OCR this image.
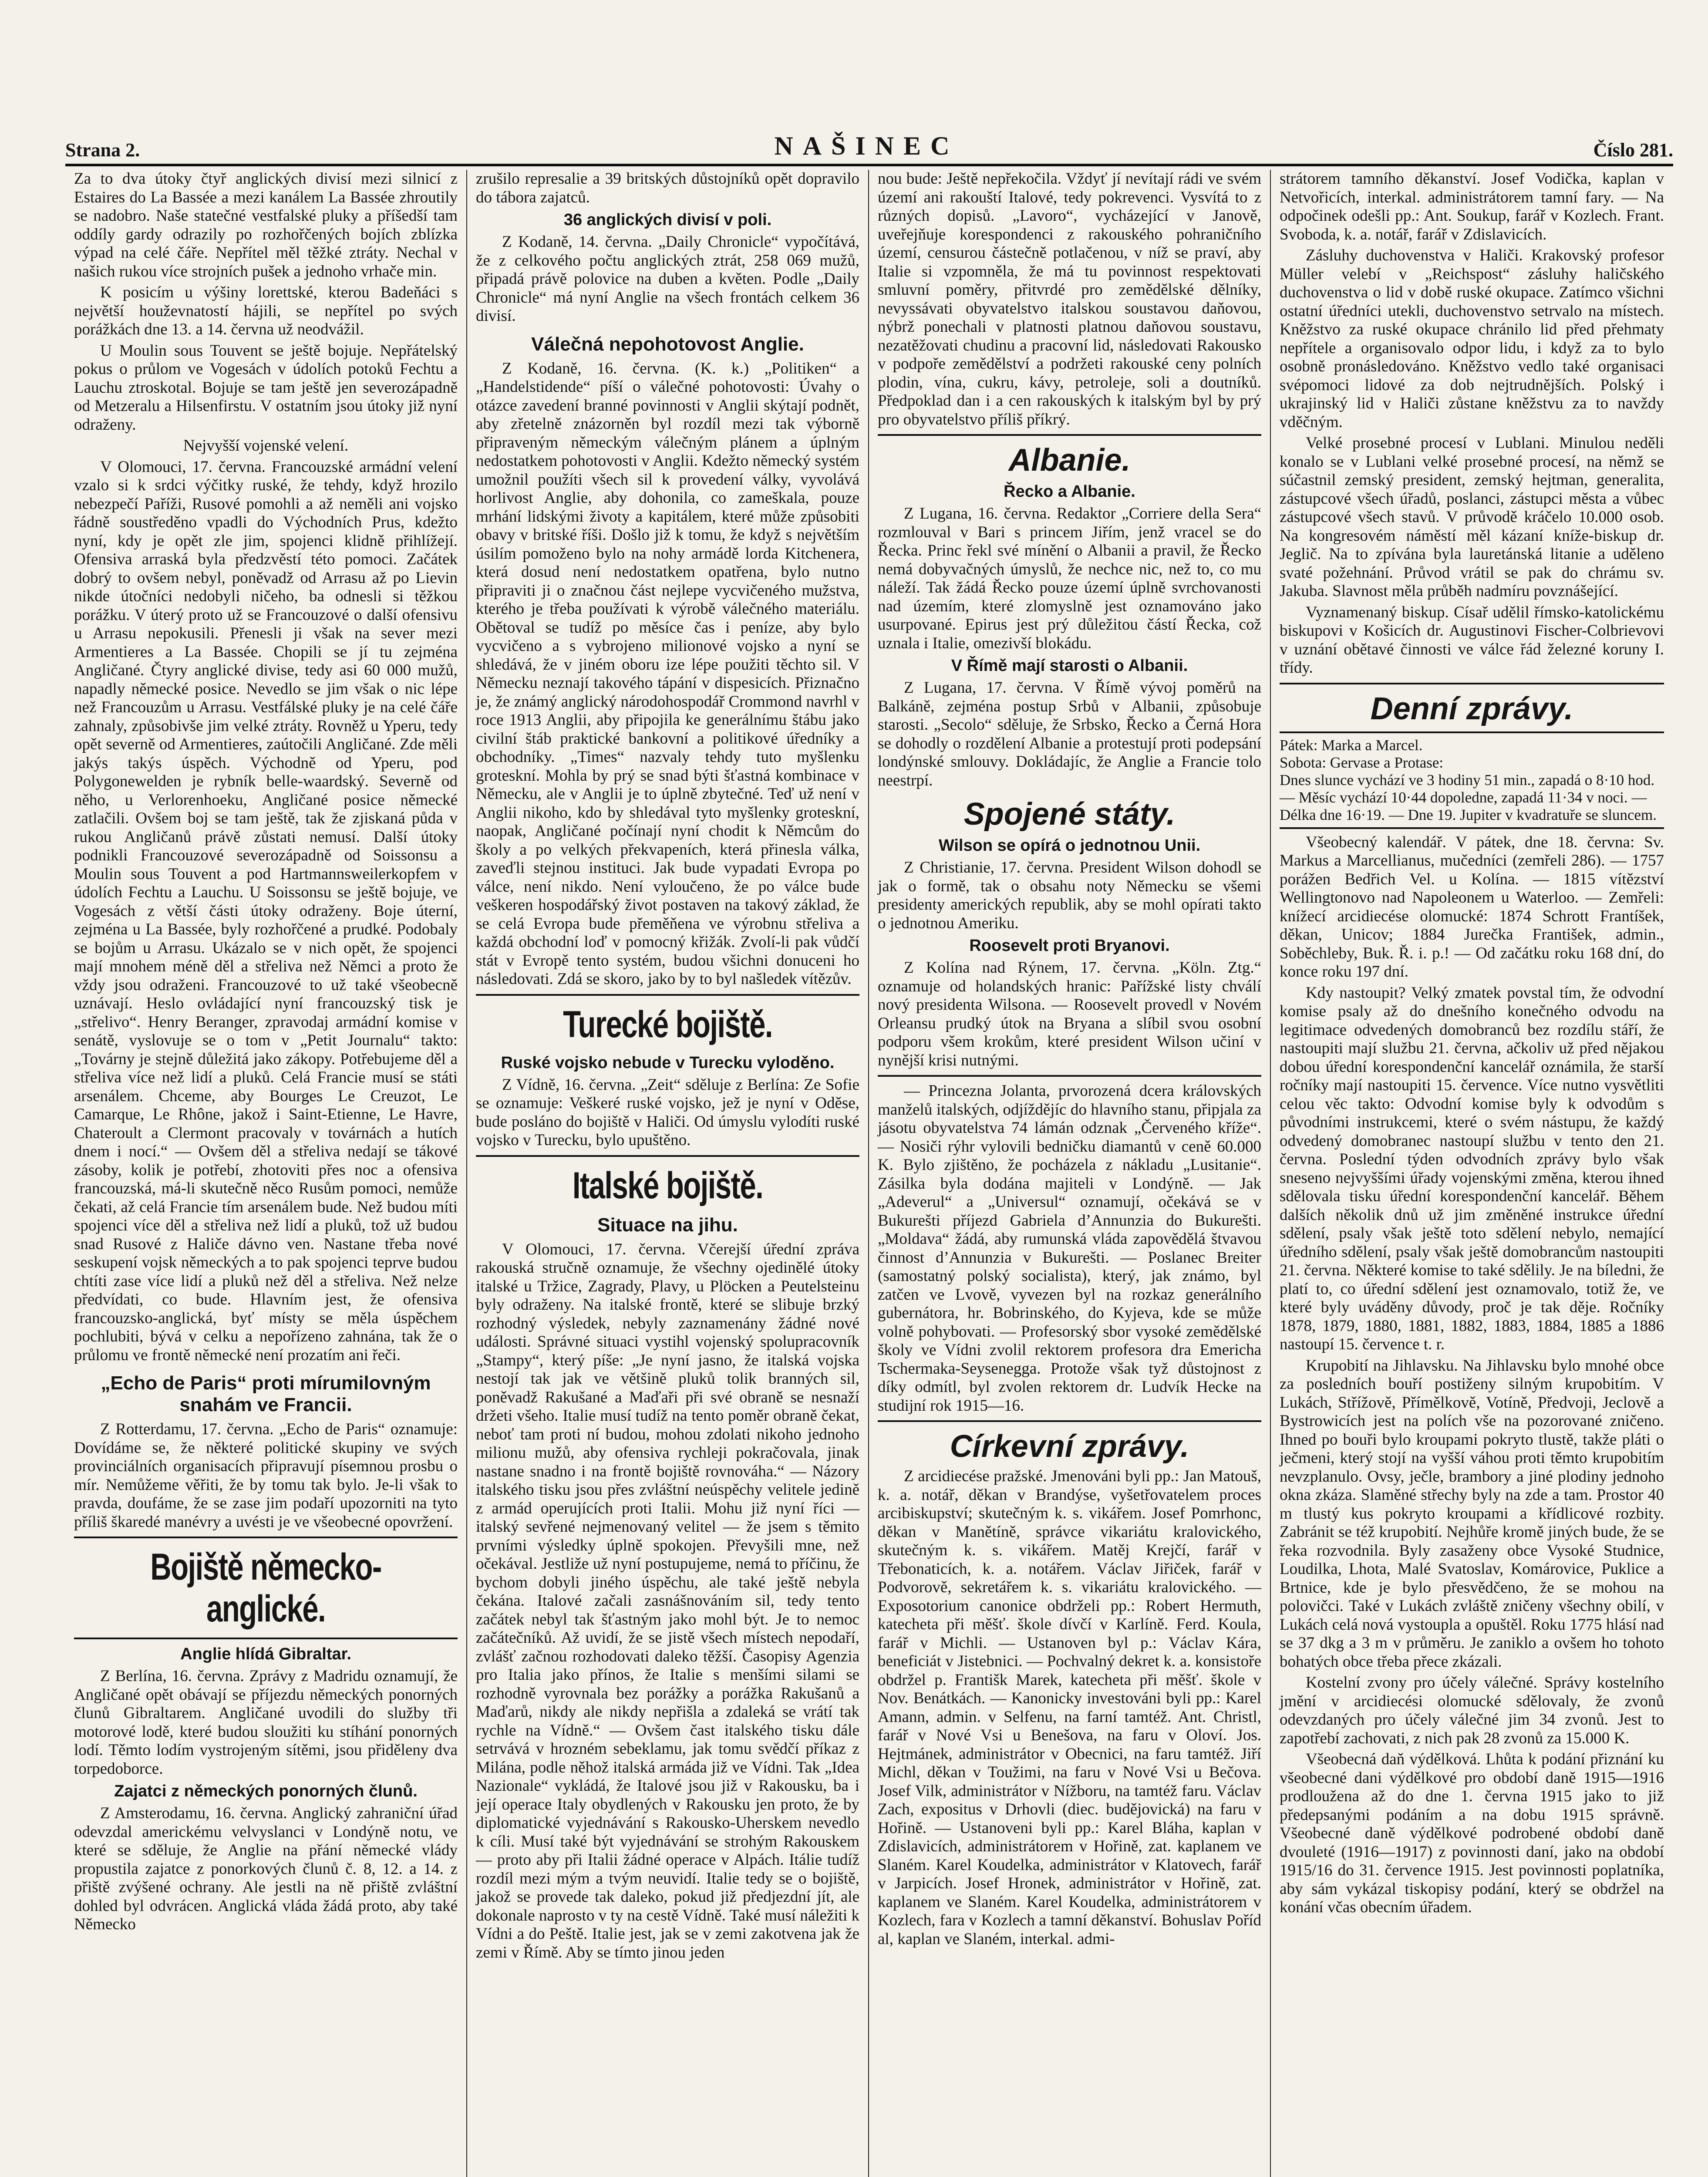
Strana 2.	NAŠINEC	Číslo 281.

Za to dva útoky čtyř anglických divisí mezi silnicí z Estaires do La Bassée a mezi kanálem La Bassée zhroutily se nadobro. Naše statečné vestfalské pluky a příšedší tam oddíly gardy odrazily po rozhořčených bojích zblízka výpad na celé čáře. Nepřítel měl těžké ztráty. Nechal v našich rukou více strojních pušek a jednoho vrhače min.

K posicím u výšiny lorettské, kterou Badeňáci s největší houževnatostí hájili, se nepřítel po svých porážkách dne 13. a 14. června už neodvážil.

U Moulin sous Touvent se ještě bojuje. Nepřátelský pokus o průlom ve Vogesách v údolích potoků Fechtu a Lauchu ztroskotal. Bojuje se tam ještě jen severozápadně od Metzeralu a Hilsenfirstu. V ostatním jsou útoky již nyní odraženy.

Nejvyšší vojenské velení.

V Olomouci, 17. června. Francouzské armádní velení vzalo si k srdci výčitky ruské, že tehdy, když hrozilo nebezpečí Paříži, Rusové pomohli a až neměli ani vojsko řádně soustředěno vpadli do Východních Prus, kdežto nyní, kdy je opět zle jim, spojenci klidně přihlížejí. Ofensiva arraská byla předzvěstí této pomoci. Začátek dobrý to ovšem nebyl, poněvadž od Arrasu až po Lievin nikde útočníci nedobyli ničeho, ba odnesli si těžkou porážku. V úterý proto už se Francouzové o další ofensivu u Arrasu nepokusili. Přenesli ji však na sever mezi Armentieres a La Bassée. Chopili se jí tu zejména Angličané. Čtyry anglické divise, tedy asi 60 000 mužů, napadly německé posice. Nevedlo se jim však o nic lépe než Francouzům u Arrasu. Vestfálské pluky je na celé čáře zahnaly, způsobivše jim velké ztráty. Rovněž u Yperu, tedy opět severně od Armentieres, zaútočili Angličané. Zde měli jakýs takýs úspěch. Východně od Yperu, pod Polygonewelden je rybník belle-waardský. Severně od něho, u Verlorenhoeku, Angličané posice německé zatlačili. Ovšem boj se tam ještě, tak že zjiskaná půda v rukou Angličanů právě zůstati nemusí. Další útoky podnikli Francouzové severozápadně od Soissonsu a Moulin sous Touvent a pod Hartmannsweilerkopfem v údolích Fechtu a Lauchu. U Soissonsu se ještě bojuje, ve Vogesách z větší části útoky odraženy. Boje úterní, zejména u La Bassée, byly rozhořčené a prudké. Podobaly se bojům u Arrasu. Ukázalo se v nich opět, že spojenci mají mnohem méně děl a střeliva než Němci a proto že vždy jsou odraženi. Francouzové to už také všeobecně uznávají. Heslo ovládající nyní francouzský tisk je „střelivo“. Henry Beranger, zpravodaj armádní komise v senátě, vyslovuje se o tom v „Petit Journalu“ takto: „Továrny je stejně důležitá jako zákopy. Potřebujeme děl a střeliva více než lidí a pluků. Celá Francie musí se státi arsenálem. Chceme, aby Bourges Le Creuzot, Le Camarque, Le Rhône, jakož i Saint-Etienne, Le Havre, Chateroult a Clermont pracovaly v továrnách a hutích dnem i nocí.“ — Ovšem děl a střeliva nedají se tákové zásoby, kolik je potřebí, zhotoviti přes noc a ofensiva francouzská, má-li skutečně něco Rusům pomoci, nemůže čekati, až celá Francie tím arsenálem bude. Než budou míti spojenci více děl a střeliva než lidí a pluků, tož už budou snad Rusové z Haliče dávno ven. Nastane třeba nové seskupení vojsk německých a to pak spojenci teprve budou chtíti zase více lidí a pluků než děl a střeliva. Než nelze předvídati, co bude. Hlavním jest, že ofensiva francouzsko-anglická, byť místy se měla úspěchem pochlubiti, bývá v celku a nepořízeno zahnána, tak že o průlomu ve frontě německé není prozatím ani řeči.

„Echo de Paris“ proti mírumilovným snahám ve Francii.

Z Rotterdamu, 17. června. „Echo de Paris“ oznamuje: Dovídáme se, že některé politické skupiny ve svých provinciálních organisacích připravují písemnou prosbu o mír. Nemůžeme věřiti, že by tomu tak bylo. Je-li však to pravda, doufáme, že se zase jim podaří upozorniti na tyto příliš škaredé manévry a uvésti je ve všeobecné opovržení.

Bojiště německo-anglické.
Anglie hlídá Gibraltar.

Z Berlína, 16. června. Zprávy z Madridu oznamují, že Angličané opět obávají se příjezdu německých ponorných člunů Gibraltarem. Angličané uvodili do služby tři motorové lodě, které budou sloužiti ku stíhání ponorných lodí. Těmto lodím vystrojeným sítěmi, jsou přiděleny dva torpedoborce.

Zajatci z německých ponorných člunů.

Z Amsterodamu, 16. června. Anglický zahraniční úřad odevzdal americkému velvyslanci v Londýně notu, ve které se sděluje, že Anglie na přání německé vlády propustila zajatce z ponorkových člunů č. 8, 12. a 14. z přiště zvýšené ochrany. Ale jestli na ně přiště zvláštní dohled byl odvrácen. Anglická vláda žádá proto, aby také Německo

zrušilo represalie a 39 britských důstojníků opět dopravilo do tábora zajatců.

36 anglických divisí v poli.

Z Kodaně, 14. června. „Daily Chronicle“ vypočítává, že z celkového počtu anglických ztrát, 258 069 mužů, připadá právě polovice na duben a květen. Podle „Daily Chronicle“ má nyní Anglie na všech frontách celkem 36 divisí.

Válečná nepohotovost Anglie.

Z Kodaně, 16. června. (K. k.) „Politiken“ a „Handelstidende“ píší o válečné pohotovosti: Úvahy o otázce zavedení branné povinnosti v Anglii skýtají podnět, aby zřetelně znázorněn byl rozdíl mezi tak výborně připraveným německým válečným plánem a úplným nedostatkem pohotovosti v Anglii. Kdežto německý systém umožnil použíti všech sil k provedení války, vyvolává horlivost Anglie, aby dohonila, co zameškala, pouze mrhání lidskými životy a kapitálem, které může způsobiti obavy v britské říši. Došlo již k tomu, že když s největším úsilím pomoženo bylo na nohy armádě lorda Kitchenera, která dosud není nedostatkem opatřena, bylo nutno připraviti ji o značnou část nejlepe vycvičeného mužstva, kterého je třeba používati k výrobě válečného materiálu. Obětoval se tudíž po měsíce čas i peníze, aby bylo vycvičeno a s vybrojeno milionové vojsko a nyní se shledává, že v jiném oboru ize lépe použiti těchto sil. V Německu neznají takového tápání v dispesicích. Přiznačno je, že známý anglický národohospodář Crommond navrhl v roce 1913 Anglii, aby připojila ke generálnímu štábu jako civilní štáb praktické bankovní a politikové úředníky a obchodníky. „Times“ nazvaly tehdy tuto myšlenku groteskní. Mohla by prý se snad býti šťastná kombinace v Německu, ale v Anglii je to úplně zbytečné. Teď už není v Anglii nikoho, kdo by shledával tyto myšlenky groteskní, naopak, Angličané počínají nyní chodit k Němcům do školy a po velkých překvapeních, která přinesla válka, zaveďli stejnou instituci. Jak bude vypadati Evropa po válce, není nikdo. Není vyloučeno, že po válce bude veškeren hospodářský život postaven na takový základ, že se celá Evropa bude přeměňena ve výrobnu střeliva a každá obchodní loď v pomocný křižák. Zvolí-li pak vůdčí stát v Evropě tento systém, budou všichni donuceni ho následovati. Zdá se skoro, jako by to byl našledek vítězův.

Turecké bojiště.
Ruské vojsko nebude v Turecku vyloděno.

Z Vídně, 16. června. „Zeit“ sděluje z Berlína: Ze Sofie se oznamuje: Veškeré ruské vojsko, jež je nyní v Oděse, bude posláno do bojiště v Haliči. Od úmyslu vylodíti ruské vojsko v Turecku, bylo upuštěno.

Italské bojiště.
Situace na jihu.

V Olomouci, 17. června. Včerejší úřední zpráva rakouská stručně oznamuje, že všechny ojedinělé útoky italské u Tržice, Zagrady, Plavy, u Plöcken a Peutelsteinu byly odraženy. Na italské frontě, které se slibuje brzký rozhodný výsledek, nebyly zaznamenány žádné nové události. Správné situaci vystihl vojenský spolupracovník „Stampy“, který píše: „Je nyní jasno, že italská vojska nestojí tak jak ve většině pluků tolik branných sil, poněvadž Rakušané a Maďaři při své obraně se nesnaží držeti všeho. Italie musí tudíž na tento poměr obraně čekat, neboť tam proti ní budou, mohou zdolati nikoho jednoho milionu mužů, aby ofensiva rychleji pokračovala, jinak nastane snadno i na frontě bojiště rovnováha.“ — Názory italského tisku jsou přes zvláštní neúspěchy velitele jedině z armád operujících proti Italii. Mohu již nyní říci — italský sevřené nejmenovaný velitel — že jsem s těmito prvními výsledky úplně spokojen. Převyšili mne, než očekával. Jestliže už nyní postupujeme, nemá to příčinu, že bychom dobyli jiného úspěchu, ale také ještě nebyla čekána. Italové začali zasnášnováním sil, tedy tento začátek nebyl tak šťastným jako mohl být. Je to nemoc začátečníků. Až uvidí, že se jistě všech místech nepodaří, zvlášť začnou rozhodovati daleko těžší. Časopisy Agenzia pro Italia jako přínos, že Italie s menšími silami se rozhodně vyrovnala bez porážky a porážka Rakušanů a Maďarů, nikdy ale nikdy nepřišla a zdaleká se vrátí tak rychle na Vídně.“ — Ovšem čast italského tisku dále setrvává v hrozném sebeklamu, jak tomu svědčí příkaz z Milána, podle něhož italská armáda již ve Vídni. Tak „Idea Nazionale“ vykládá, že Italové jsou již v Rakousku, ba i její operace Italy obydlených v Rakousku jen proto, že by diplomatické vyjednávání s Rakousko-Uherskem nevedlo k cíli. Musí také být vyjednávání se strohým Rakouskem — proto aby při Italii žádné operace v Alpách. Itálie tudíž rozdíl mezi mým a tvým neuvidí. Italie tedy se o bojiště, jakož se provede tak daleko, pokud již předjezdní jít, ale dokonale naprosto v ty na cestě Vídně. Také musí náležiti k Vídni a do Peště. Italie jest, jak se v zemi zakotvena jak že zemi v Římě. Aby se tímto jinou jeden

nou bude: Ještě nepřekočila. Vždyť jí nevítají rádi ve svém území ani rakouští Italové, tedy pokrevenci. Vysvítá to z různých dopisů. „Lavoro“, vycházející v Janově, uveřejňuje korespondenci z rakouského pohraničního území, censurou částečně potlačenou, v níž se praví, aby Italie si vzpomněla, že má tu povinnost respektovati smluvní poměry, přitvrdé pro zemědělské dělníky, nevyssávati obyvatelstvo italskou soustavou daňovou, nýbrž ponechali v platnosti platnou daňovou soustavu, nezatěžovati chudinu a pracovní lid, následovati Rakousko v podpoře zemědělství a podržeti rakouské ceny polních plodin, vína, cukru, kávy, petroleje, soli a doutníků. Předpoklad dan i a cen rakouských k italským byl by prý pro obyvatelstvo příliš příkrý.

Albanie.
Řecko a Albanie.

Z Lugana, 16. června. Redaktor „Corriere della Sera“ rozmlouval v Bari s princem Jiřím, jenž vracel se do Řecka. Princ řekl své mínění o Albanii a pravil, že Řecko nemá dobyvačných úmyslů, že nechce nic, než to, co mu náleží. Tak žádá Řecko pouze území úplně svrchovanosti nad územím, které zlomyslně jest oznamováno jako usurpované. Epirus jest prý důležitou částí Řecka, což uznala i Italie, omezivší blokádu.

V Římě mají starosti o Albanii.

Z Lugana, 17. června. V Římě vývoj poměrů na Balkáně, zejména postup Srbů v Albanii, způsobuje starosti. „Secolo“ sděluje, že Srbsko, Řecko a Černá Hora se dohodly o rozdělení Albanie a protestují proti podepsání londýnské smlouvy. Dokládajíc, že Anglie a Francie tolo neestrpí.

Spojené státy.
Wilson se opírá o jednotnou Unii.

Z Christianie, 17. června. President Wilson dohodl se jak o formě, tak o obsahu noty Německu se všemi presidenty amerických republik, aby se mohl opírati takto o jednotnou Ameriku.

Roosevelt proti Bryanovi.

Z Kolína nad Rýnem, 17. června. „Köln. Ztg.“ oznamuje od holandských hranic: Pařížské listy chválí nový presidenta Wilsona. — Roosevelt provedl v Novém Orleansu prudký útok na Bryana a slíbil svou osobní podporu všem krokům, které president Wilson učiní v nynější krisi nutnými.

— Princezna Jolanta, prvorozená dcera královských manželů italských, odjíždějíc do hlavního stanu, připjala za jásotu obyvatelstva 74 lámán odznak „Červeného kříže“. — Nosiči rýhr vylovili bedničku diamantů v ceně 60.000 K. Bylo zjištěno, že pocházela z nákladu „Lusitanie“. Zásilka byla dodána majiteli v Londýně. — Jak „Adeverul“ a „Universul“ oznamují, očekává se v Bukurešti příjezd Gabriela d’Annunzia do Bukurešti. „Moldava“ žádá, aby rumunská vláda zapovědělá štvavou činnost d’Annunzia v Bukurešti. — Poslanec Breiter (samostatný polský socialista), který, jak známo, byl zatčen ve Lvově, vyvezen byl na rozkaz generálního gubernátora, hr. Bobrinského, do Kyjeva, kde se může volně pohybovati. — Profesorský sbor vysoké zemědělské školy ve Vídni zvolil rektorem profesora dra Emericha Tschermaka-Seysenegga. Protože však tyž důstojnost z díky odmítl, byl zvolen rektorem dr. Ludvík Hecke na studijní rok 1915—16.

Církevní zprávy.

Z arcidiecése pražské. Jmenováni byli pp.: Jan Matouš, k. a. notář, děkan v Brandýse, vyšetřovatelem proces arcibiskupství; skutečným k. s. vikářem. Josef Pomrhonc, děkan v Manětíně, správce vikariátu kralovického, skutečným k. s. vikářem. Matěj Krejčí, farář v Třebonaticích, k. a. notářem. Václav Jiřiček, farář v Podvorově, sekretářem k. s. vikariátu kralovického. — Exposotorium canonice obdrželi pp.: Robert Hermuth, katecheta při měšť. škole dívčí v Karlíně. Ferd. Koula, farář v Michli. — Ustanoven byl p.: Václav Kára, beneficiát v Jistebnici. — Pochvalný dekret k. a. konsistoře obdržel p. Františk Marek, katecheta při měšť. škole v Nov. Benátkách. — Kanonicky investováni byli pp.: Karel Amann, admin. v Selfenu, na farní tamtéž. Ant. Christl, farář v Nové Vsi u Benešova, na faru v Oloví. Jos. Hejtmánek, administrátor v Obecnici, na faru tamtéž. Jiří Michl, děkan v Toužimi, na faru v Nové Vsi u Bečova. Josef Vilk, administrátor v Nížboru, na tamtéž faru. Václav Zach, expositus v Drhovli (diec. budějovická) na faru v Hořině. — Ustanoveni byli pp.: Karel Bláha, kaplan v Zdislavicích, administrátorem v Hořině, zat. kaplanem ve Slaném. Karel Koudelka, administrátor v Klatovech, farář v Jarpicích. Josef Hronek, administrátor v Hořině, zat. kaplanem ve Slaném. Karel Koudelka, administrátorem v Kozlech, fara v Kozlech a tamní děkanství. Bohuslav Poříd al, kaplan ve Slaném, interkal. admi-

strátorem tamního děkanství. Josef Vodička, kaplan v Netvořicích, interkal. administrátorem tamní fary. — Na odpočinek odešli pp.: Ant. Soukup, farář v Kozlech. Frant. Svoboda, k. a. notář, farář v Zdislavicích.

Zásluhy duchovenstva v Haliči. Krakovský profesor Müller velebí v „Reichspost“ zásluhy haličského duchovenstva o lid v době ruské okupace. Zatímco všichni ostatní úředníci utekli, duchovenstvo setrvalo na místech. Kněžstvo za ruské okupace chránilo lid před přehmaty nepřítele a organisovalo odpor lidu, i když za to bylo osobně pronásledováno. Kněžstvo vedlo také organisaci svépomoci lidové za dob nejtrudnějších. Polský i ukrajinský lid v Haliči zůstane kněžstvu za to navždy vděčným.

Velké prosebné procesí v Lublani. Minulou neděli konalo se v Lublani velké prosebné procesí, na němž se súčastnil zemský president, zemský hejtman, generalita, zástupcové všech úřadů, poslanci, zástupci města a vůbec zástupcové všech stavů. V průvodě kráčelo 10.000 osob. Na kongresovém náměstí měl kázaní kníže-biskup dr. Jeglič. Na to zpívána byla lauretánská litanie a uděleno svaté požehnání. Průvod vrátil se pak do chrámu sv. Jakuba. Slavnost měla průběh nadmíru povznášející.

Vyznamenaný biskup. Císař udělil římsko-katolickému biskupovi v Košicích dr. Augustinovi Fischer-Colbrievovi v uznání obětavé činnosti ve válce řád železné koruny I. třídy.

Denní zprávy.

Pátek: Marka a Marcel.

Sobota: Gervase a Protase:

Dnes slunce vychází ve 3 hodiny 51 min., zapadá o 8·10 hod. — Měsíc vychází 10·44 dopoledne, zapadá 11·34 v noci. — Délka dne 16·19. — Dne 19. Jupiter v kvadratuře se sluncem.

Všeobecný kalendář. V pátek, dne 18. června: Sv. Markus a Marcellianus, mučedníci (zemřeli 286). — 1757 porážen Bedřich Vel. u Kolína. — 1815 vítězství Wellingtonovo nad Napoleonem u Waterloo. — Zemřeli: knížecí arcidiecése olomucké: 1874 Schrott Frantíšek, děkan, Unicov; 1884 Jurečka František, admin., Soběchleby, Buk. Ř. i. p.! — Od začátku roku 168 dní, do konce roku 197 dní.

Kdy nastoupit? Velký zmatek povstal tím, že odvodní komise psaly až do dnešního konečného odvodu na legitimace odvedených domobranců bez rozdílu stáří, že nastoupiti mají službu 21. června, ačkoliv už před nějakou dobou úřední korespondenční kancelář oznámila, že starší ročníky mají nastoupiti 15. července. Více nutno vysvětliti celou věc takto: Odvodní komise byly k odvodům s původními instrukcemi, které o svém nástupu, že každý odvedený domobranec nastoupí službu v tento den 21. června. Poslední týden odvodních zprávy bylo však sneseno nejvyššími úřady vojenskými změna, kterou ihned sdělovala tisku úřední korespondenční kancelář. Během dalších několik dnů už jim změněné instrukce úřední sdělení, psaly však ještě toto sdělení nebylo, nemající úředního sdělení, psaly však ještě domobrancům nastoupiti 21. června. Některé komise to také sdělily. Je na bíledni, že platí to, co úřední sdělení jest oznamovalo, totiž že, ve které byly uváděny důvody, proč je tak děje. Ročníky 1878, 1879, 1880, 1881, 1882, 1883, 1884, 1885 a 1886 nastoupí 15. července t. r.

Krupobití na Jihlavsku. Na Jihlavsku bylo mnohé obce za posledních bouří postiženy silným krupobitím. V Lukách, Střížově, Přímělkově, Votíně, Předvoji, Jeclově a Bystrowicích jest na polích vše na pozorované zničeno. Ihned po bouři bylo kroupami pokryto tlustě, takže pláti o ječmeni, který stojí na vyšší váhou proti těmto krupobitím nevzplanulo. Ovsy, ječle, brambory a jiné plodiny jednoho okna zkáza. Slaměné střechy byly na zde a tam. Prostor 40 m tlustý kus pokryto kroupami a křídlicové rozbity. Zabránit se též krupobití. Nejhůře kromě jiných bude, že se řeka rozvodnila. Byly zasaženy obce Vysoké Studnice, Loudilka, Lhota, Malé Svatoslav, Komárovice, Puklice a Brtnice, kde je bylo přesvědčeno, že se mohou na polovičci. Také v Lukách zvláště zničeny všechny obilí, v Lukách celá nová vystoupla a opuštěl. Roku 1775 hlásí nad se 37 dkg a 3 m v průměru. Je zaniklo a ovšem ho tohoto bohatých obce třeba přece zkázali.

Kostelní zvony pro účely válečné. Správy kostelního jmění v arcidiecési olomucké sdělovaly, že zvonů odevzdaných pro účely válečné jim 34 zvonů. Jest to zapotřebí zachovati, z nich pak 28 zvonů za 15.000 K.

Všeobecná daň výdělková. Lhůta k podání přiznání ku všeobecné dani výdělkové pro období daně 1915—1916 prodloužena až do dne 1. června 1915 jako to již předepsanými podáním a na dobu 1915 správně. Všeobecné daně výdělkové podrobené období daně dvouleté (1916—1917) z povinnosti daní, jako na období 1915/16 do 31. července 1915. Jest povinnosti poplatníka, aby sám vykázal tiskopisy podání, který se obdržel na konání včas obecním úřadem.
